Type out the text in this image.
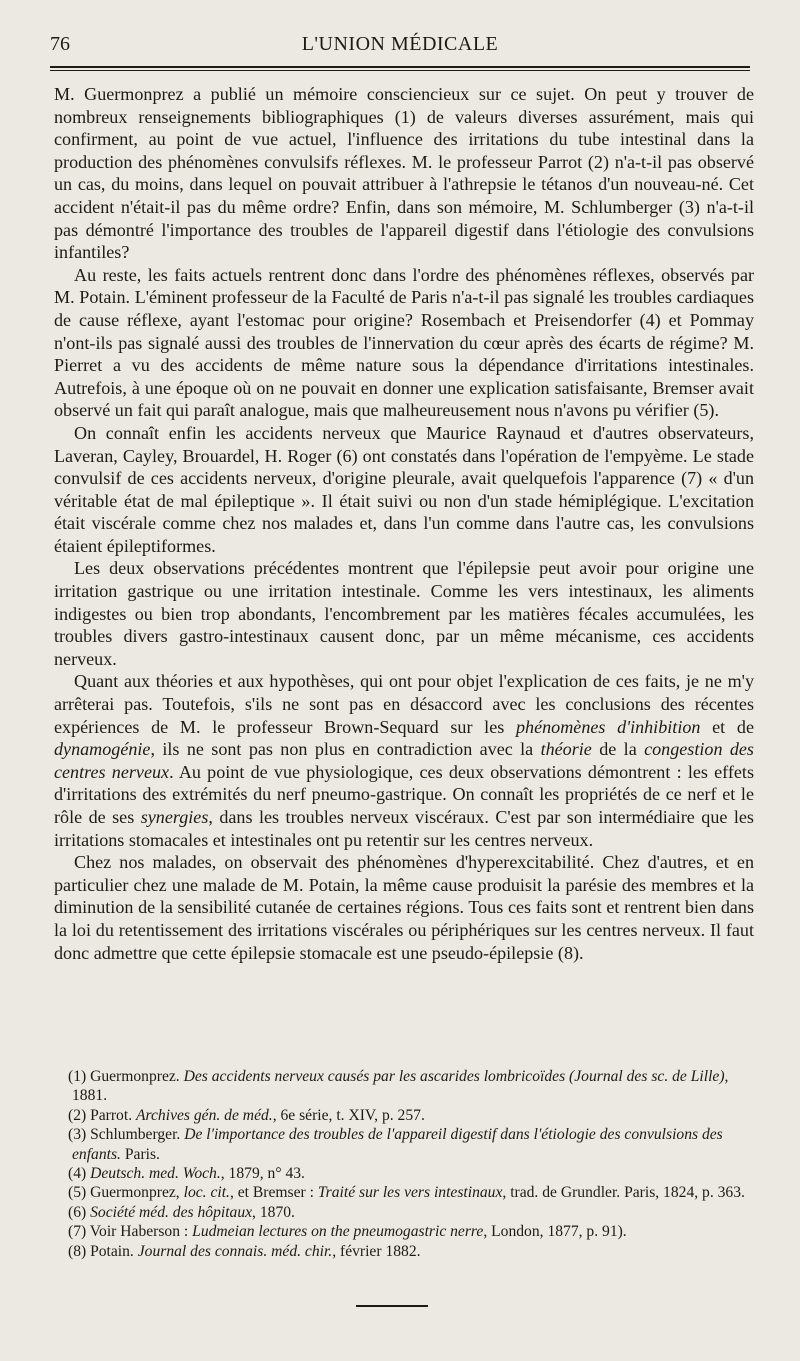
76	L'UNION MÉDICALE

M. Guermonprez a publié un mémoire consciencieux sur ce sujet. On peut y trouver de nombreux renseignements bibliographiques (1) de valeurs diverses assurément, mais qui confirment, au point de vue actuel, l'influence des irritations du tube intestinal dans la production des phénomènes convulsifs réflexes. M. le professeur Parrot (2) n'a-t-il pas observé un cas, du moins, dans lequel on pouvait attribuer à l'athrepsie le tétanos d'un nouveau-né. Cet accident n'était-il pas du même ordre? Enfin, dans son mémoire, M. Schlumberger (3) n'a-t-il pas démontré l'importance des troubles de l'appareil digestif dans l'étiologie des convulsions infantiles?

Au reste, les faits actuels rentrent donc dans l'ordre des phénomènes réflexes, observés par M. Potain. L'éminent professeur de la Faculté de Paris n'a-t-il pas signalé les troubles cardiaques de cause réflexe, ayant l'estomac pour origine? Rosembach et Preisendorfer (4) et Pommay n'ont-ils pas signalé aussi des troubles de l'innervation du cœur après des écarts de régime? M. Pierret a vu des accidents de même nature sous la dépendance d'irritations intestinales. Autrefois, à une époque où on ne pouvait en donner une explication satisfaisante, Bremser avait observé un fait qui paraît analogue, mais que malheureusement nous n'avons pu vérifier (5).

On connaît enfin les accidents nerveux que Maurice Raynaud et d'autres observateurs, Laveran, Cayley, Brouardel, H. Roger (6) ont constatés dans l'opération de l'empyème. Le stade convulsif de ces accidents nerveux, d'origine pleurale, avait quelquefois l'apparence (7) « d'un véritable état de mal épileptique ». Il était suivi ou non d'un stade hémiplégique. L'excitation était viscérale comme chez nos malades et, dans l'un comme dans l'autre cas, les convulsions étaient épileptiformes.

Les deux observations précédentes montrent que l'épilepsie peut avoir pour origine une irritation gastrique ou une irritation intestinale. Comme les vers intestinaux, les aliments indigestes ou bien trop abondants, l'encombrement par les matières fécales accumulées, les troubles divers gastro-intestinaux causent donc, par un même mécanisme, ces accidents nerveux.

Quant aux théories et aux hypothèses, qui ont pour objet l'explication de ces faits, je ne m'y arrêterai pas. Toutefois, s'ils ne sont pas en désaccord avec les conclusions des récentes expériences de M. le professeur Brown-Sequard sur les phénomènes d'inhibition et de dynamogénie, ils ne sont pas non plus en contradiction avec la théorie de la congestion des centres nerveux. Au point de vue physiologique, ces deux observations démontrent : les effets d'irritations des extrémités du nerf pneumo-gastrique. On connaît les propriétés de ce nerf et le rôle de ses synergies, dans les troubles nerveux viscéraux. C'est par son intermédiaire que les irritations stomacales et intestinales ont pu retentir sur les centres nerveux.

Chez nos malades, on observait des phénomènes d'hyperexcitabilité. Chez d'autres, et en particulier chez une malade de M. Potain, la même cause produisit la parésie des membres et la diminution de la sensibilité cutanée de certaines régions. Tous ces faits sont et rentrent bien dans la loi du retentissement des irritations viscérales ou périphériques sur les centres nerveux. Il faut donc admettre que cette épilepsie stomacale est une pseudo-épilepsie (8).

(1) Guermonprez. Des accidents nerveux causés par les ascarides lombricoïdes (Journal des sc. de Lille), 1881.

(2) Parrot. Archives gén. de méd., 6e série, t. XIV, p. 257.

(3) Schlumberger. De l'importance des troubles de l'appareil digestif dans l'étiologie des convulsions des enfants. Paris.

(4) Deutsch. med. Woch., 1879, n° 43.

(5) Guermonprez, loc. cit., et Bremser : Traité sur les vers intestinaux, trad. de Grundler. Paris, 1824, p. 363.

(6) Société méd. des hôpitaux, 1870.

(7) Voir Haberson : Ludmeian lectures on the pneumogastric nerre, London, 1877, p. 91).

(8) Potain. Journal des connais. méd. chir., février 1882.
